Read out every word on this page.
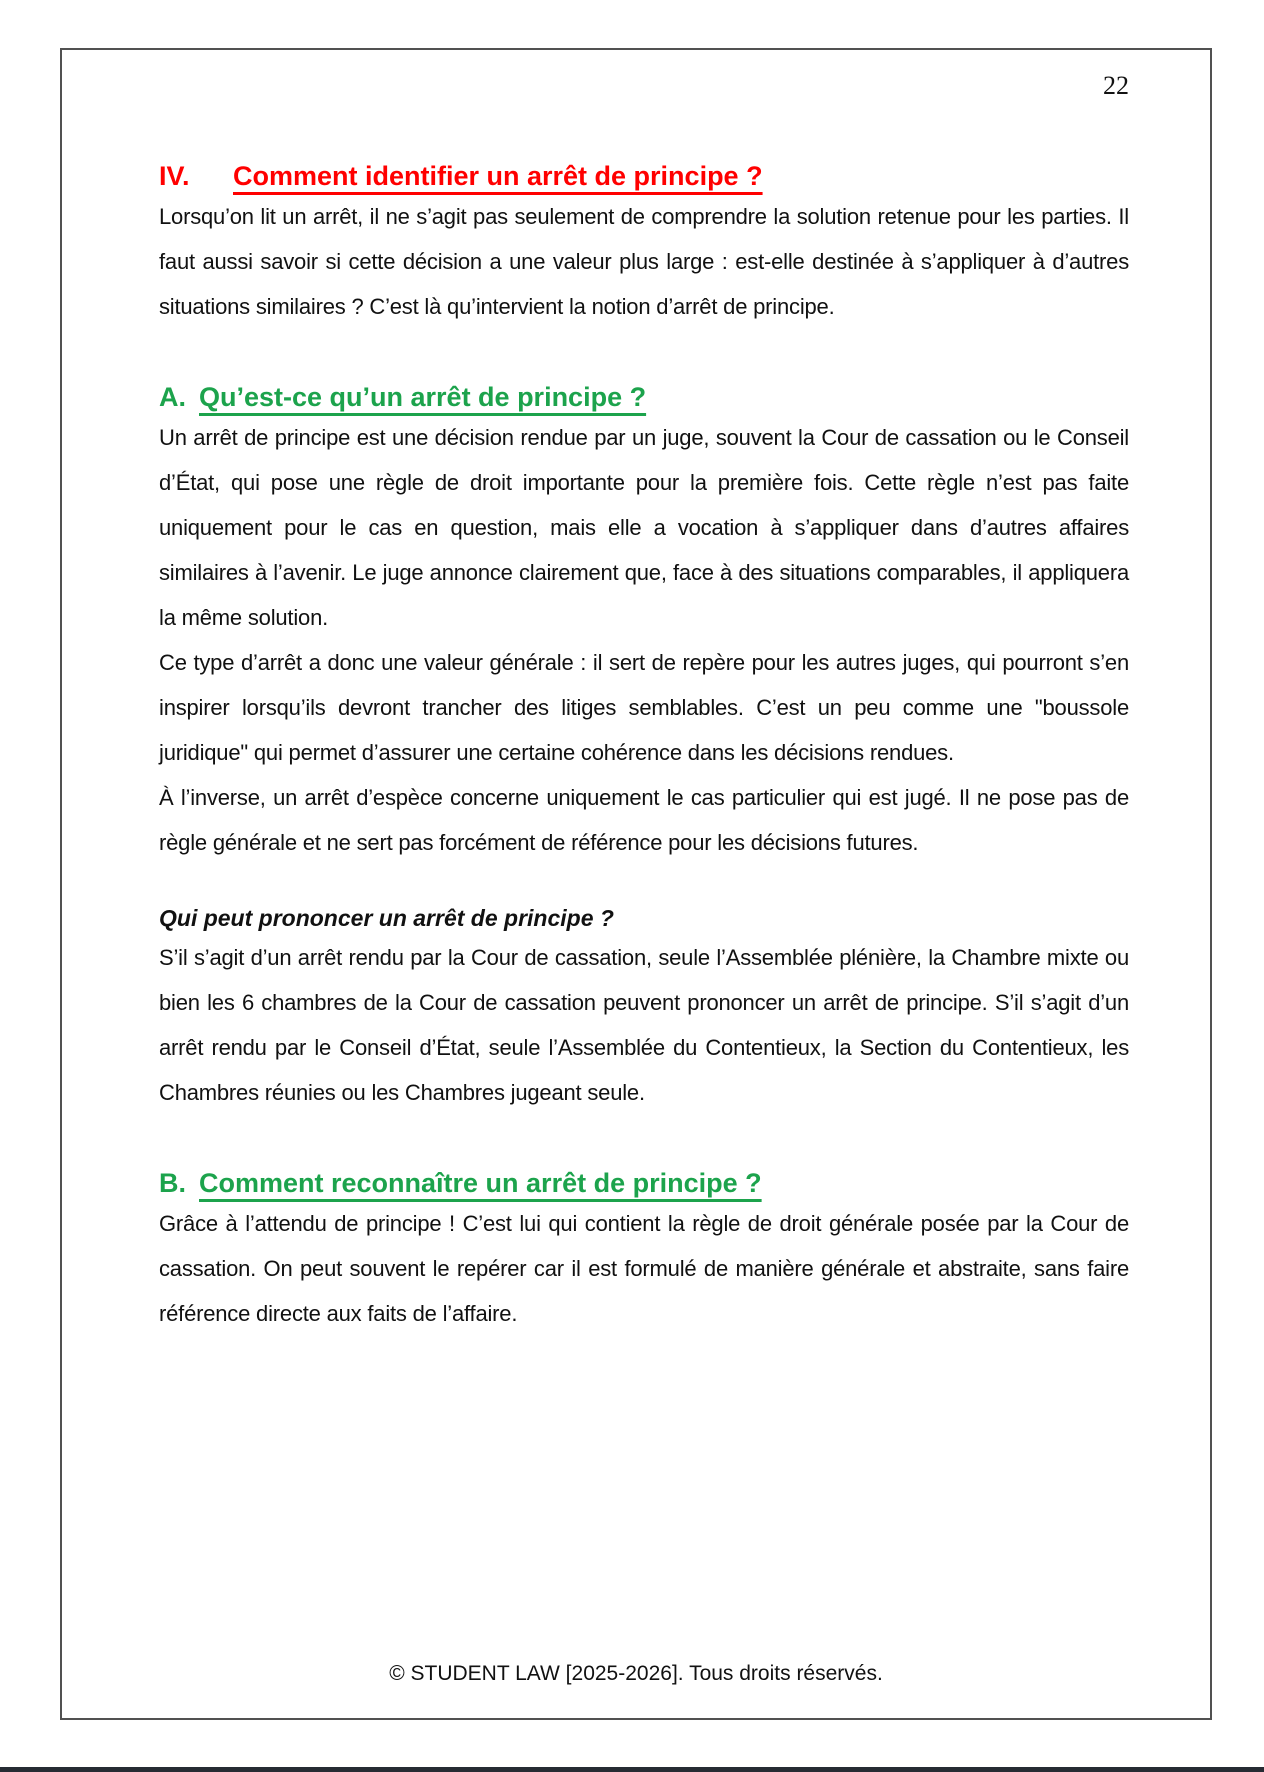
22
IV. Comment identifier un arrêt de principe ?

Lorsqu’on lit un arrêt, il ne s’agit pas seulement de comprendre la solution retenue pour les parties. Il faut aussi savoir si cette décision a une valeur plus large : est-elle destinée à s’appliquer à d’autres situations similaires ? C’est là qu’intervient la notion d’arrêt de principe.

A. Qu’est-ce qu’un arrêt de principe ?

Un arrêt de principe est une décision rendue par un juge, souvent la Cour de cassation ou le Conseil d’État, qui pose une règle de droit importante pour la première fois. Cette règle n’est pas faite uniquement pour le cas en question, mais elle a vocation à s’appliquer dans d’autres affaires similaires à l’avenir. Le juge annonce clairement que, face à des situations comparables, il appliquera la même solution.

Ce type d’arrêt a donc une valeur générale : il sert de repère pour les autres juges, qui pourront s’en inspirer lorsqu’ils devront trancher des litiges semblables. C’est un peu comme une "boussole juridique" qui permet d’assurer une certaine cohérence dans les décisions rendues.

À l’inverse, un arrêt d’espèce concerne uniquement le cas particulier qui est jugé. Il ne pose pas de règle générale et ne sert pas forcément de référence pour les décisions futures.

Qui peut prononcer un arrêt de principe ?

S’il s’agit d’un arrêt rendu par la Cour de cassation, seule l’Assemblée plénière, la Chambre mixte ou bien les 6 chambres de la Cour de cassation peuvent prononcer un arrêt de principe. S’il s’agit d’un arrêt rendu par le Conseil d’État, seule l’Assemblée du Contentieux, la Section du Contentieux, les Chambres réunies ou les Chambres jugeant seule.

B. Comment reconnaître un arrêt de principe ?

Grâce à l’attendu de principe ! C’est lui qui contient la règle de droit générale posée par la Cour de cassation. On peut souvent le repérer car il est formulé de manière générale et abstraite, sans faire référence directe aux faits de l’affaire.

© STUDENT LAW [2025-2026]. Tous droits réservés.
